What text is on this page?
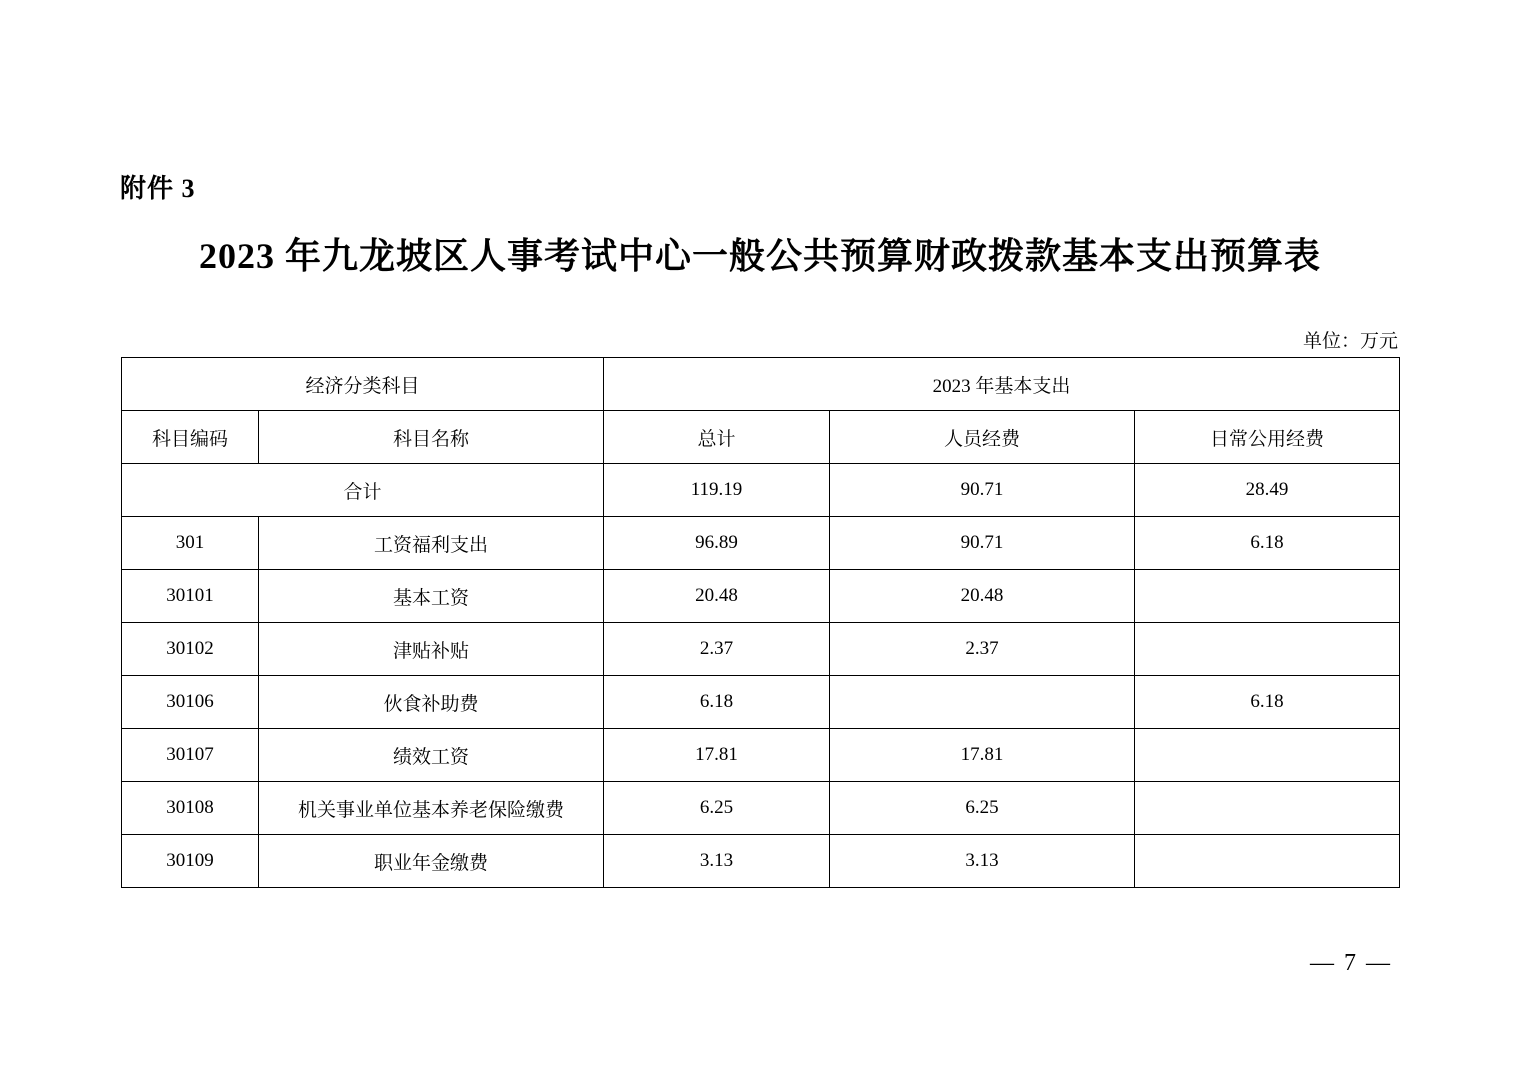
附件 3
2023 年九龙坡区人事考试中心一般公共预算财政拨款基本支出预算表
单位：万元
经济分类科目		2023 年基本支出		
科目编码	科目名称	总计	人员经费	日常公用经费
合计		119.19	90.71	28.49
301	工资福利支出	96.89	90.71	6.18
30101	基本工资	20.48	20.48	
30102	津贴补贴	2.37	2.37	
30106	伙食补助费	6.18		6.18
30107	绩效工资	17.81	17.81	
30108	机关事业单位基本养老保险缴费	6.25	6.25	
30109	职业年金缴费	3.13	3.13	
— 7 —
